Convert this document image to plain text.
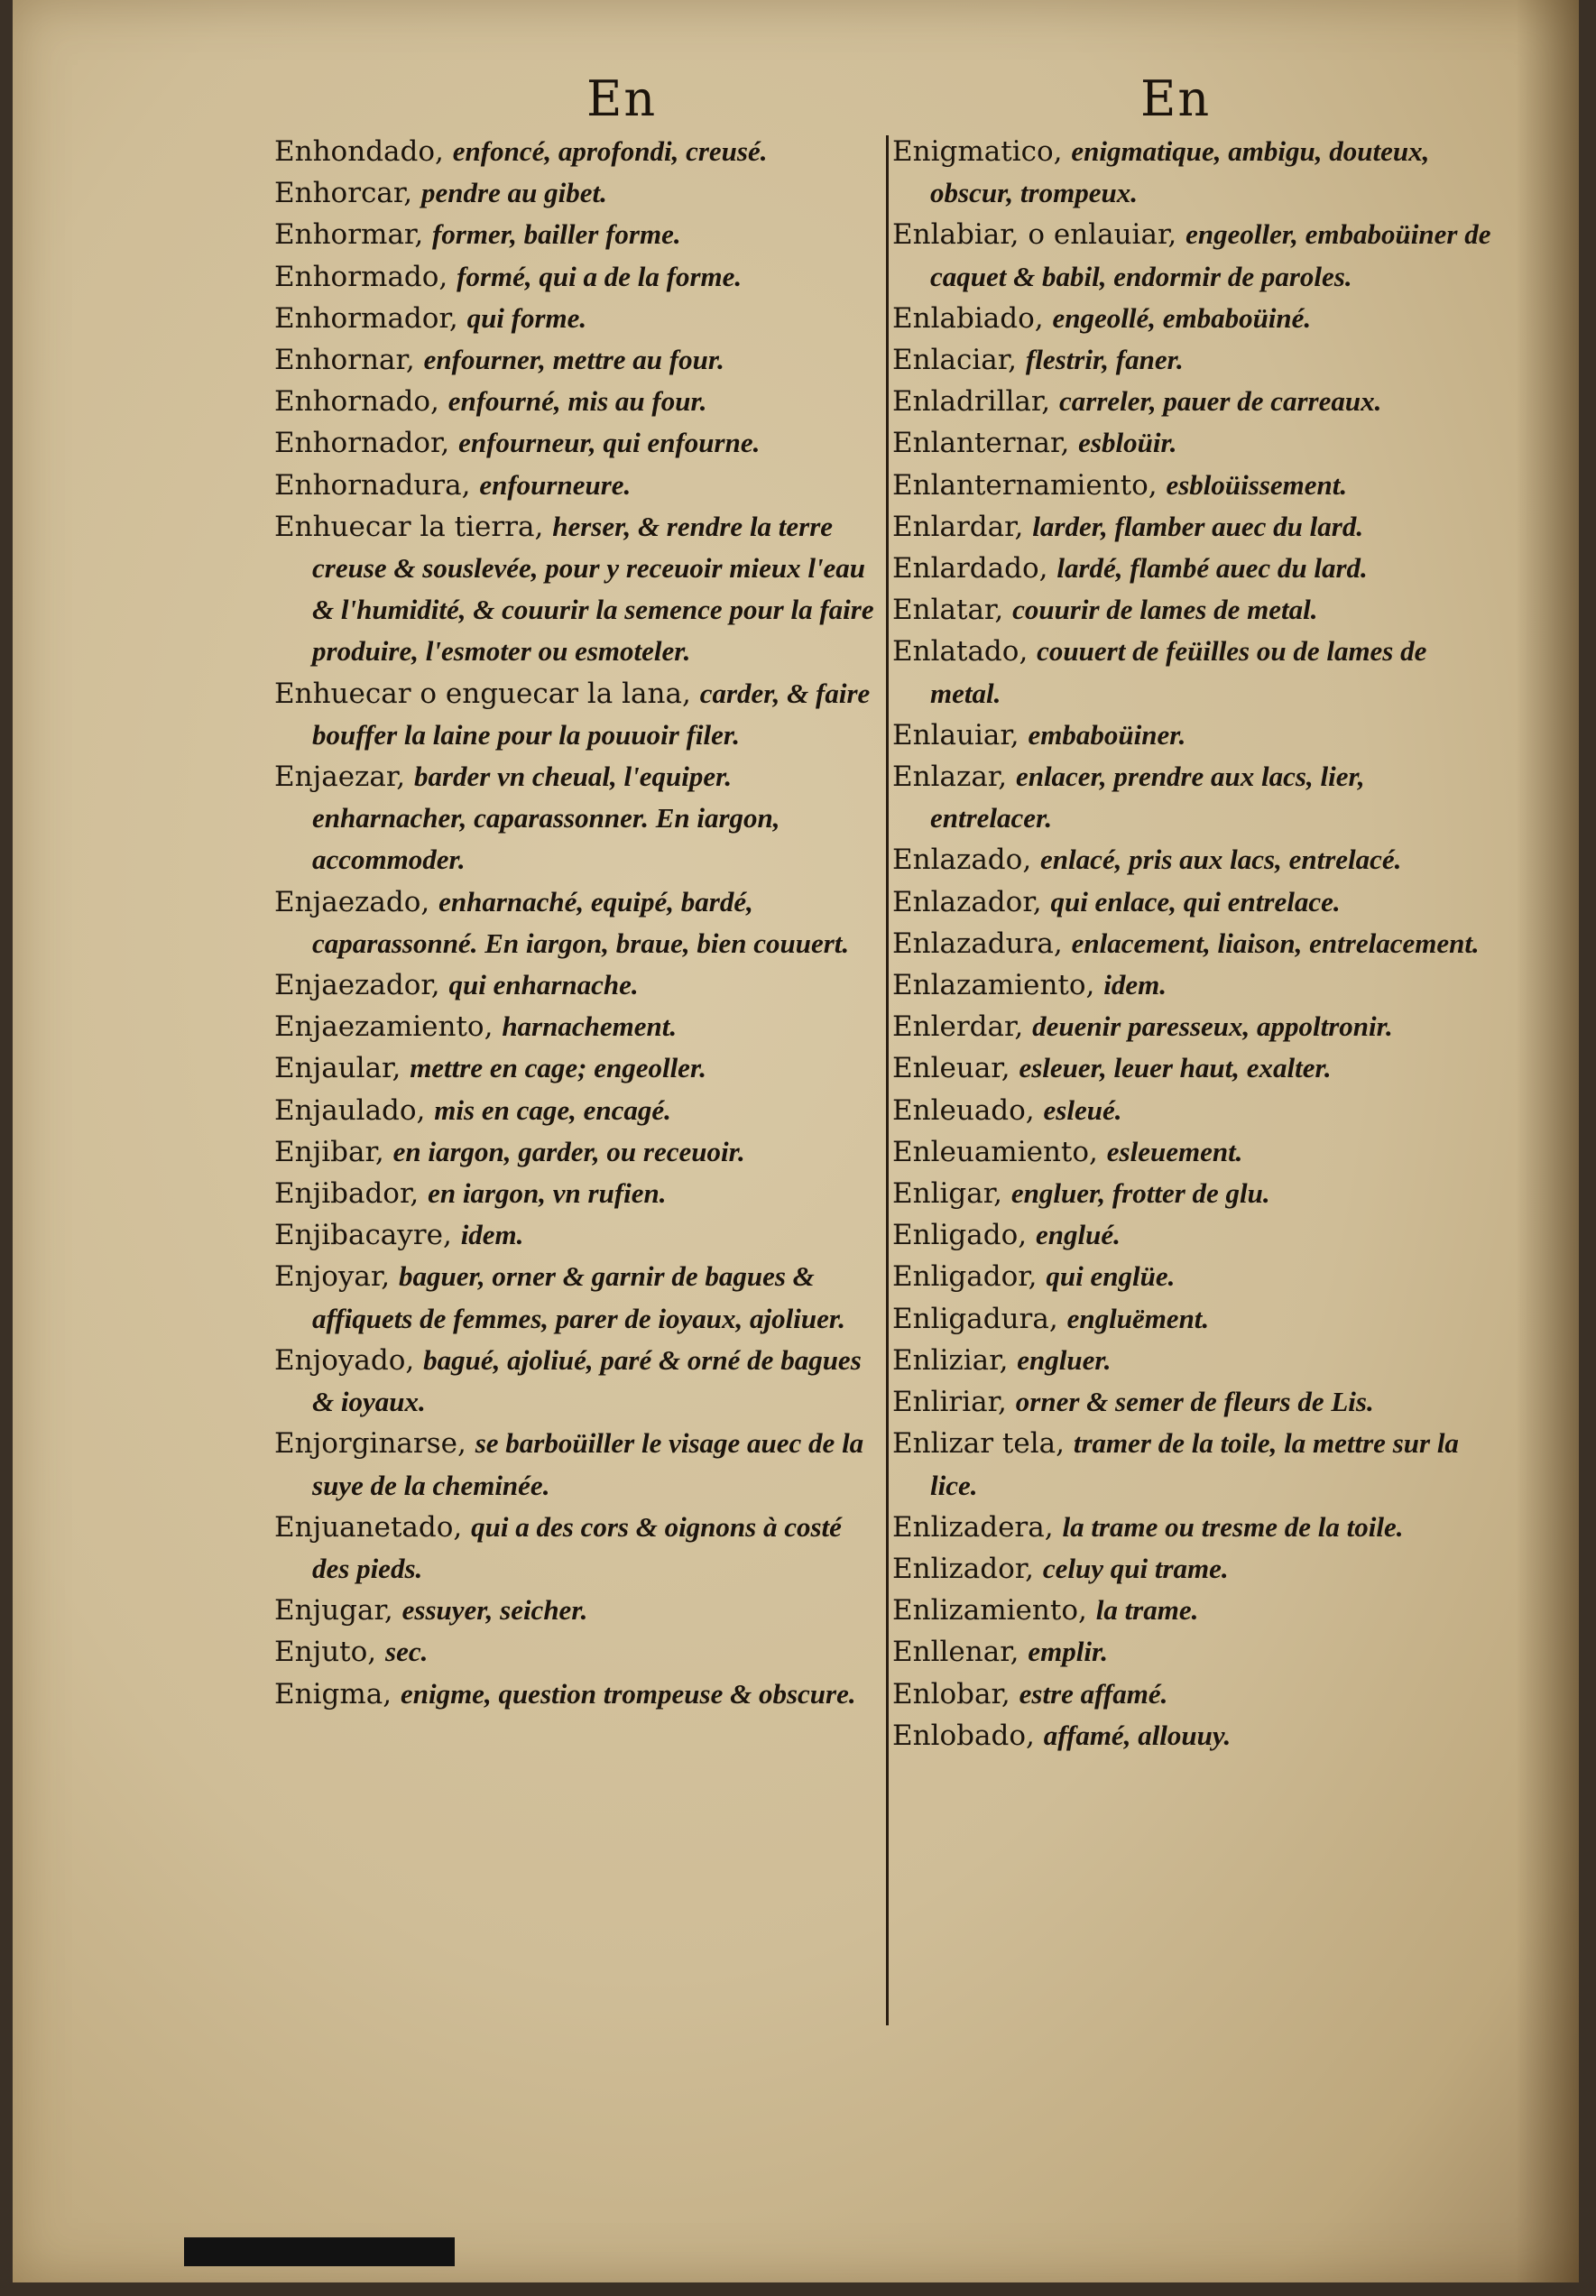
En	En

Enhondado, enfoncé, aprofondi, creusé.

Enhorcar, pendre au gibet.

Enhormar, former, bailler forme.

Enhormado, formé, qui a de la forme.

Enhormador, qui forme.

Enhornar, enfourner, mettre au four.

Enhornado, enfourné, mis au four.

Enhornador, enfourneur, qui enfourne.

Enhornadura, enfourneure.

Enhuecar la tierra, herser, & rendre la terre creuse & souslevée, pour y receuoir mieux l'eau & l'humidité, & couurir la semence pour la faire produire, l'esmoter ou esmoteler.

Enhuecar o enguecar la lana, carder, & faire bouffer la laine pour la pouuoir filer.

Enjaezar, barder vn cheual, l'equiper. enharnacher, caparassonner. En iargon, accommoder.

Enjaezado, enharnaché, equipé, bardé, caparassonné. En iargon, braue, bien couuert.

Enjaezador, qui enharnache.

Enjaezamiento, harnachement.

Enjaular, mettre en cage; engeoller.

Enjaulado, mis en cage, encagé.

Enjibar, en iargon, garder, ou receuoir.

Enjibador, en iargon, vn rufien.

Enjibacayre, idem.

Enjoyar, baguer, orner & garnir de bagues & affiquets de femmes, parer de ioyaux, ajoliuer.

Enjoyado, bagué, ajoliué, paré & orné de bagues & ioyaux.

Enjorginarse, se barboüiller le visage auec de la suye de la cheminée.

Enjuanetado, qui a des cors & oignons à costé des pieds.

Enjugar, essuyer, seicher.

Enjuto, sec.

Enigma, enigme, question trompeuse & obscure.

Enigmatico, enigmatique, ambigu, douteux, obscur, trompeux.

Enlabiar, o enlauiar, engeoller, embaboüiner de caquet & babil, endormir de paroles.

Enlabiado, engeollé, embaboüiné.

Enlaciar, flestrir, faner.

Enladrillar, carreler, pauer de carreaux.

Enlanternar, esbloüir.

Enlanternamiento, esbloüissement.

Enlardar, larder, flamber auec du lard.

Enlardado, lardé, flambé auec du lard.

Enlatar, couurir de lames de metal.

Enlatado, couuert de feüilles ou de lames de metal.

Enlauiar, embaboüiner.

Enlazar, enlacer, prendre aux lacs, lier, entrelacer.

Enlazado, enlacé, pris aux lacs, entrelacé.

Enlazador, qui enlace, qui entrelace.

Enlazadura, enlacement, liaison, entrelacement.

Enlazamiento, idem.

Enlerdar, deuenir paresseux, appoltronir.

Enleuar, esleuer, leuer haut, exalter.

Enleuado, esleué.

Enleuamiento, esleuement.

Enligar, engluer, frotter de glu.

Enligado, englué.

Enligador, qui englüe.

Enligadura, engluëment.

Enliziar, engluer.

Enliriar, orner & semer de fleurs de Lis.

Enlizar tela, tramer de la toile, la mettre sur la lice.

Enlizadera, la trame ou tresme de la toile.

Enlizador, celuy qui trame.

Enlizamiento, la trame.

Enllenar, emplir.

Enlobar, estre affamé.

Enlobado, affamé, allouuy.
